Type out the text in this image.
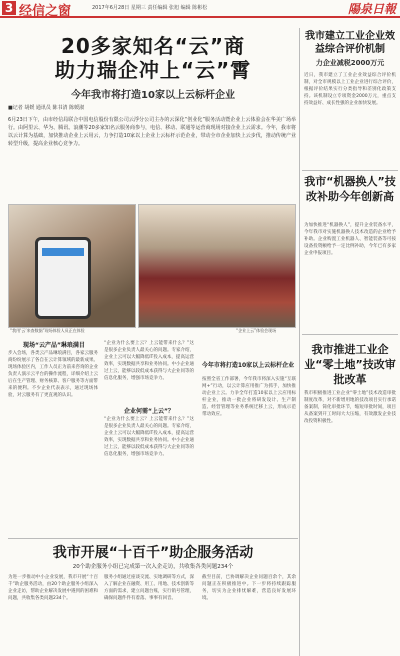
3 经信之窗	2017年6月28日 星期三 责任编辑 张旭 编辑 陈彬松	陽泉日報
20多家知名“云”商
助力瑞企冲上“云”霄
今年我市将打造10家以上云标杆企业
■记者 胡媛 通讯员 陈书清 陈媛淑
6月23日下午，由市经信局联合中国电信股份有限公司云浮分公司主办的云深化“创业化”服务活动暨企业上云体验会在华美广场举行。由阿里云、华为、腾讯、浪潮等20多家知名云服务商参与，电信、移动、联通等运营商现场对接企业上云需求。今年，我市将以云计算为基础，加快推动企业上云用云，力争打造10家以上企业上云标杆示范企业，带动全市企业加快上云步伐，推动传统产业转型升级，提高企业核心竞争力。
“我用‘云’来查数据”现场体验人员正在体验	“企业上云”体验会现场
现场“云产品”琳琅满目
步入会场，各类云产品琳琅满目，各家云服务商纷纷展示了各自在云计算领域的最新成果。现场体验区内，工作人员正为前来咨询的企业负责人演示云平台的操作流程，详细介绍上云后在生产管理、财务核算、客户服务等方面带来的便利。不少企业代表表示，通过现场体验，对云服务有了更直观的认识。
“企业为什么要上云？上云能带来什么？”这是很多企业负责人最关心的问题。专家介绍，企业上云可以大幅降低IT投入成本，提高运营效率，实现数据共享和业务协同。中小企业通过上云，能够以较低成本获得与大企业同等的信息化服务，增强市场竞争力。
企业何需“上云”？
“企业为什么要上云？上云能带来什么？”这是很多企业负责人最关心的问题。专家介绍，企业上云可以大幅降低IT投入成本，提高运营效率，实现数据共享和业务协同。中小企业通过上云，能够以较低成本获得与大企业同等的信息化服务，增强市场竞争力。
今年市将打造10家以上云标杆企业
按照全省工作部署，今年我市将深入实施“互联网+”行动，以云计算应用推广为抓手，加快推动企业上云。力争全年打造10家以上云应用标杆企业，推动一批企业将研发设计、生产制造、经营管理等业务系统迁移上云，形成示范带动效应。
我市开展“十百千”助企服务活动
20个助企服务小组已完成第一次入企走访，共收集各类问题234个
为进一步推动中小企业发展，我市开展“十百千”助企服务活动，由20个助企服务小组深入企业走访，帮助企业解决发展中遇到的困难和问题，共收集各类问题234个。
服务小组通过座谈交流、实地调研等方式，深入了解企业在融资、用工、用地、技术创新等方面的需求，建立问题台账，实行销号管理，确保问题件件有着落、事事有回音。
截至目前，已协调解决企业问题百余个，其余问题正在积极推进中。下一步将持续跟踪服务，切实为企业排忧解难，营造良好发展环境。
我市建立工业企业效益综合评价机制
力企业减税2000万元
近日，我市建立了工业企业效益综合评价机制，对全市规模以上工业企业进行综合评价，根据评价结果实行分类指导和差别化政策支持。该机制设立专项资金2000万元，重点支持效益好、成长性强的企业加快发展。
我市“机器换人”技改补助今年创新高
为加快推进“机器换人”，提升企业装备水平，今年我市对实施机器换人技术改造的企业给予补助。企业购置工业机器人、智能装备等可按设备投资额给予一定比例补助，今年已有多家企业申报项目。
我市推进工业企业“零土地”技改审批改革
我市积极推进工业企业“零土地”技术改造审批制度改革，对不新增用地的技改项目实行承诺备案制，简化审批环节，缩短审批时间，项目从备案到开工时间大大压缩，有效激发企业技改投资积极性。
